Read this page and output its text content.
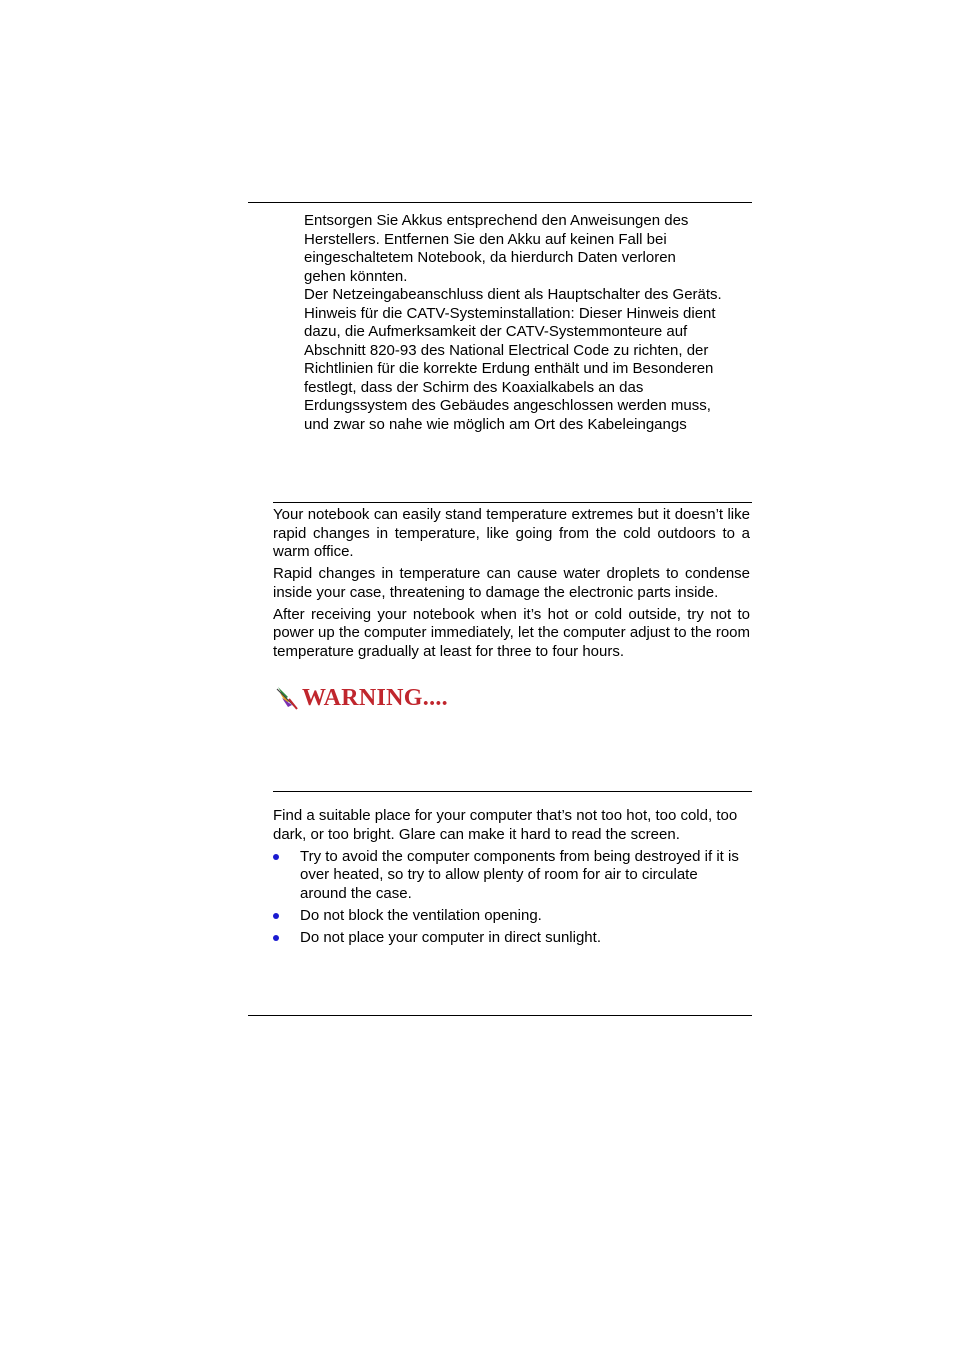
Entsorgen Sie Akkus entsprechend den Anweisungen des

Herstellers. Entfernen Sie den Akku auf keinen Fall bei

eingeschaltetem Notebook, da hierdurch Daten verloren

gehen könnten.

Der Netzeingabeanschluss dient als Hauptschalter des Geräts.

Hinweis für die CATV-Systeminstallation: Dieser Hinweis dient

dazu, die Aufmerksamkeit der CATV-Systemmonteure auf

Abschnitt 820-93 des National Electrical Code zu richten, der

Richtlinien für die korrekte Erdung enthält und im Besonderen

festlegt, dass der Schirm des Koaxialkabels an das

Erdungssystem des Gebäudes angeschlossen werden muss,

und zwar so nahe wie möglich am Ort des Kabeleingangs

Your notebook can easily stand temperature extremes but it doesn’t like rapid changes in temperature, like going from the cold outdoors to a warm office.

Rapid changes in temperature can cause water droplets to condense inside your case, threatening to damage the electronic parts inside.

After receiving your notebook when it’s hot or cold outside, try not to power up the computer immediately, let the computer adjust to the room temperature gradually at least for three to four hours.

WARNING....

Find a suitable place for your computer that’s not too hot, too cold, too dark, or too bright. Glare can make it hard to read the screen.

Try to avoid the computer components from being destroyed if it is over heated, so try to allow plenty of room for air to circulate around the case.
Do not block the ventilation opening.
Do not place your computer in direct sunlight.
